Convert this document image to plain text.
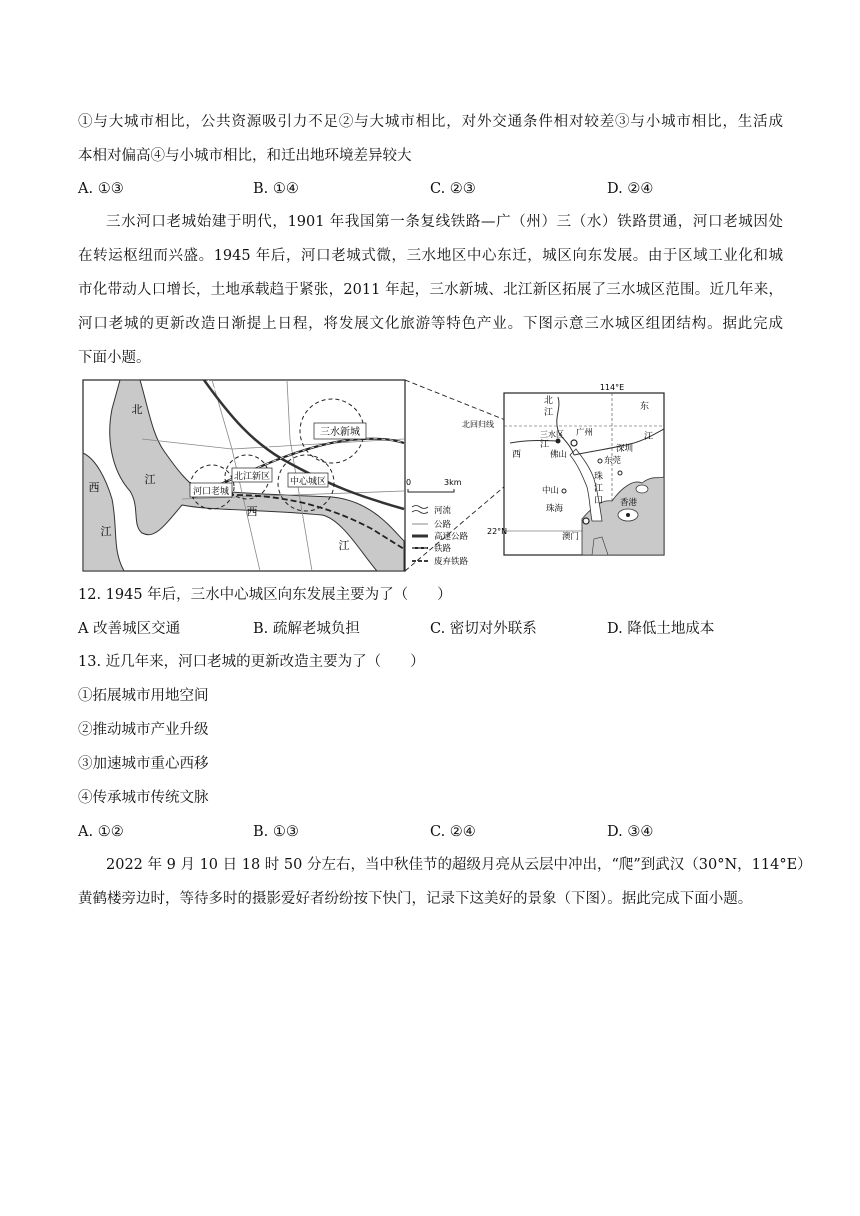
①与大城市相比，公共资源吸引力不足②与大城市相比，对外交通条件相对较差③与小城市相比，生活成
本相对偏高④与小城市相比，和迁出地环境差异较大
A. ①③	B. ①④	C. ②③	D. ②④
三水河口老城始建于明代，1901 年我国第一条复线铁路—广（州）三（水）铁路贯通，河口老城因处
在转运枢纽而兴盛。1945 年后，河口老城式微，三水地区中心东迁，城区向东发展。由于区域工业化和城
市化带动人口增长，土地承载趋于紧张，2011 年起，三水新城、北江新区拓展了三水城区范围。近几年来，
河口老城的更新改造日渐提上日程，将发展文化旅游等特色产业。下图示意三水城区组团结构。据此完成
下面小题。
三水新城
北江新区
河口老城
中心城区
北
江
西
江
西
江
0	3km
河流
公路
高速公路
铁路
废弃铁路
114°E
北回归线
22°N
三水区 广州
佛山
东莞
深圳
中山
珠海
香港
澳门
北
江
东
江
西
江
珠
江
口
12. 1945 年后，三水中心城区向东发展主要为了（　　）
A 改善城区交通	B. 疏解老城负担	C. 密切对外联系	D. 降低土地成本
13. 近几年来，河口老城的更新改造主要为了（　　）
①拓展城市用地空间
②推动城市产业升级
③加速城市重心西移
④传承城市传统文脉
A. ①②	B. ①③	C. ②④	D. ③④
2022 年 9 月 10 日 18 时 50 分左右，当中秋佳节的超级月亮从云层中冲出，“爬”到武汉（30°N，114°E）
黄鹤楼旁边时，等待多时的摄影爱好者纷纷按下快门，记录下这美好的景象（下图）。据此完成下面小题。
